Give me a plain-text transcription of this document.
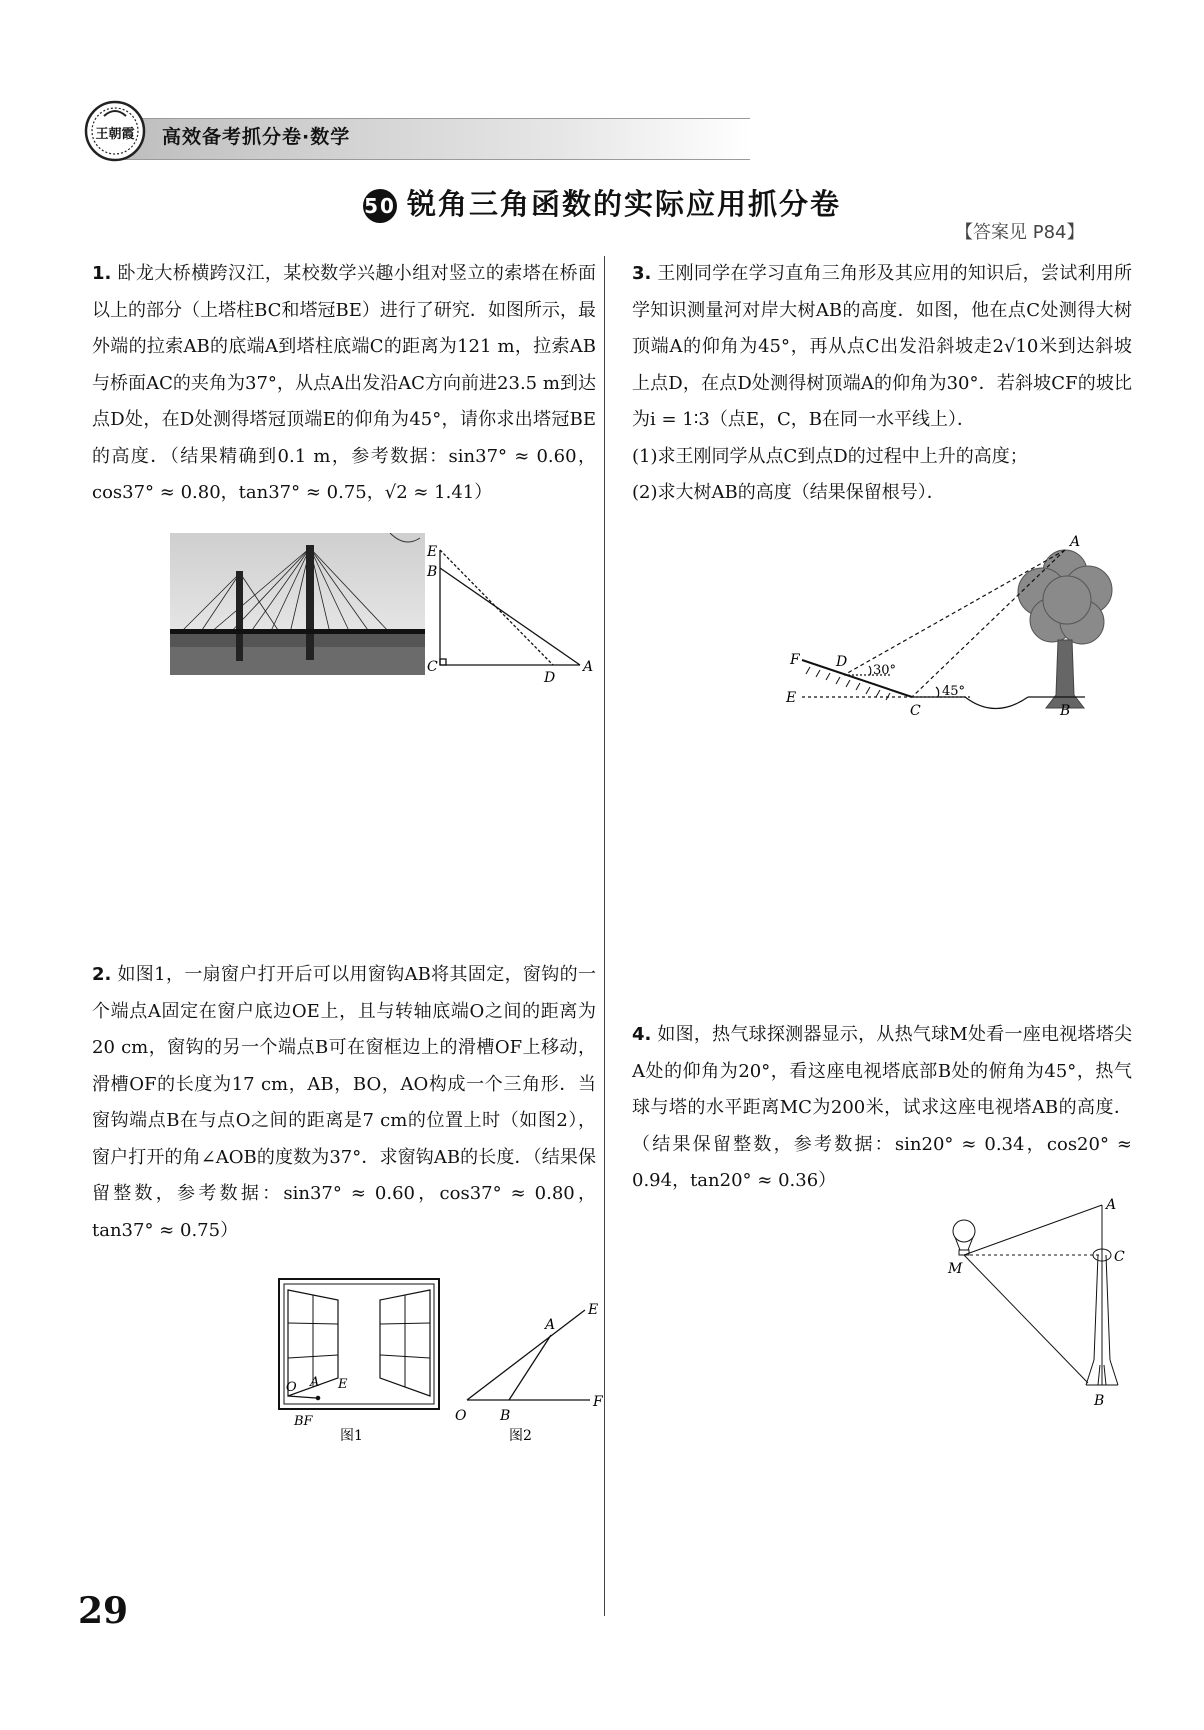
王朝霞 高效备考抓分卷·数学
50 锐角三角函数的实际应用抓分卷
【答案见 P84】

1. 卧龙大桥横跨汉江，某校数学兴趣小组对竖立的索塔在桥面以上的部分（上塔柱BC和塔冠BE）进行了研究．如图所示，最外端的拉索AB的底端A到塔柱底端C的距离为121 m，拉索AB与桥面AC的夹角为37°，从点A出发沿AC方向前进23.5 m到达点D处，在D处测得塔冠顶端E的仰角为45°，请你求出塔冠BE的高度．（结果精确到0.1 m，参考数据：sin37° ≈ 0.60，cos37° ≈ 0.80，tan37° ≈ 0.75，√2 ≈ 1.41）

E
B
C
D
A

2. 如图1，一扇窗户打开后可以用窗钩AB将其固定，窗钩的一个端点A固定在窗户底边OE上，且与转轴底端O之间的距离为20 cm，窗钩的另一个端点B可在窗框边上的滑槽OF上移动，滑槽OF的长度为17 cm，AB，BO，AO构成一个三角形．当窗钩端点B在与点O之间的距离是7 cm的位置上时（如图2），窗户打开的角∠AOB的度数为37°．求窗钩AB的长度．（结果保留整数，参考数据：sin37° ≈ 0.60，cos37° ≈ 0.80，tan37° ≈ 0.75）

O A E
BF
图1
O B
F
A
E
图2

3. 王刚同学在学习直角三角形及其应用的知识后，尝试利用所学知识测量河对岸大树AB的高度．如图，他在点C处测得大树顶端A的仰角为45°，再从点C出发沿斜坡走2√10米到达斜坡上点D，在点D处测得树顶端A的仰角为30°．若斜坡CF的坡比为i = 1∶3（点E，C，B在同一水平线上）．

(1)求王刚同学从点C到点D的过程中上升的高度；

(2)求大树AB的高度（结果保留根号）．

A
F	D
30°
E
C
45°
B

4. 如图，热气球探测器显示，从热气球M处看一座电视塔塔尖A处的仰角为20°，看这座电视塔底部B处的俯角为45°，热气球与塔的水平距离MC为200米，试求这座电视塔AB的高度．（结果保留整数，参考数据：sin20° ≈ 0.34，cos20° ≈ 0.94，tan20° ≈ 0.36）

A
C
M
B
29
